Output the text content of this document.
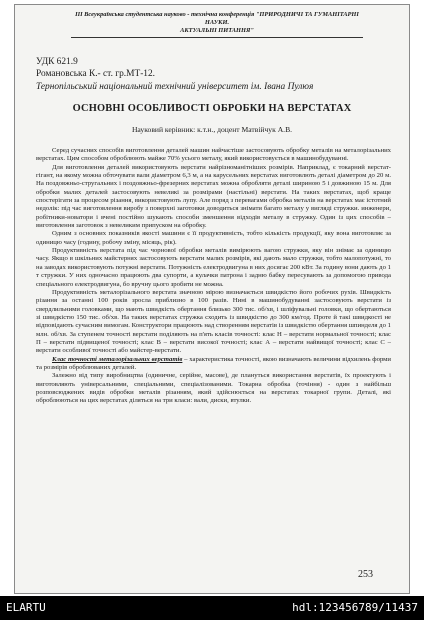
III Всеукраїнська студентська науково - технічна конференція "ПРИРОДНИЧІ ТА ГУМАНІТАРНІ НАУКИ.
АКТУАЛЬНІ ПИТАННЯ"
УДК 621.9
Романовська К.- ст. гр.МТ-12.
Тернопільський національний технічний університет ім. Івана Пулюя
ОСНОВНІ ОСОБЛИВОСТІ ОБРОБКИ НА ВЕРСТАТАХ
Науковий керівник: к.т.н., доцент Матвійчук А.В.

Серед сучасних способів виготовлення деталей машин найчастіше застосовують обробку металів на металорізальних верстатах. Цим способом оброблюють майже 70% усього металу, який використовується в машинобудуванні.

Для виготовлення деталей використовують верстати найрізноманітніших розмірів. Наприклад, є токарний верстат-гігант, на якому можна обточувати вали діаметром 6,3 м, а на карусельних верстатах виготовлють деталі діаметром до 20 м. На поздовжньо-стругальних і поздовжньо-фрезерних верстатах можна обробляти деталі шириною 5 і довжиною 15 м. Для обробки малих деталей застосовують невеликі за розмірами (настільні) верстати. На таких верстатах, щоб краще спостерігати за процесом різання, використовують лупу. Але поряд з перевагами обробка металів на верстатах має істотний недолік: під час виготовлення виробу з поверхні заготовки доводиться знімати багато металу у вигляді стружки. инженери, робітники-новатори і вчені постійно шукають способи зменшення відходів металу в стружку. Один із цих способів – виготовлення заготовок з невеликим припуском на обробку.

Одним з основних показників якості машини є її продуктивність, тобто кількість продукції, яку вона виготовляє за одиницю часу (годину, робочу зміну, місяць, рік).

Продуктивність верстата під час чорнової обробки металів вимірюють вагою стружки, яку він знімає за одиницю часу. Якщо в шкільних майстернях застосовують верстати малих розмірів, які дають мало стружки, тобто малопотужні, то на заводах використовують потужні верстати. Потужність електродвигуна в них досягає 200 кВт. За годину вони дають до 1 т стружки. У них одночасно працюють два супорти, а кулачки патрона і задню бабку пересувають за допомогою привода спеціального електродвигуна, бо вручну цього зробити не можна.

Продуктивність металорізального верстата значною мірою визначається швидкістю його робочих рухів. Швидкість різання за останні 100 років зросла приблизно в 100 разів. Нині в машинобудуванні застосовують верстати із свердлильними головками, що мають швидкість обертання близько 300 тис. об/хв, і шліфувальні головки, що обертаються зі швидкістю 150 тис. об/хв. На таких верстатах стружка сходить із швидкістю до 300 км/год. Проте й такі швидкості не відповідають сучасним вимогам. Конструктори працюють над створенням верстатів із швидкістю обертання шпинделя до 1 млн. об/хв. За ступенем точності верстати поділяють на п'ять класів точності: клас Н – верстати нормальної точності; клас П – верстати підвищеної точності; клас В – верстати високої точності; клас А – верстати найвищої точності; клас С – верстати особливої точності або майстер-верстати.

Клас точності металорізальних верстатів – характеристика точності, якою визначають величини відхилень форми та розмірів оброблюваних деталей.

Залежно від типу виробництва (одиничне, серійне, масове), де плануться використання верстатів, їх проектують і виготовляють універсальними, спеціальними, спеціалізованими. Токарна обробка (точіння) - один з найбільш розповсюджених видів обробки металів різанням, який здійснюється на верстатах токарної групи. Деталі, які оброблюються на цих верстатах діляться на три класи: вали, диски, втулки.

253
ELARTU	hdl:123456789/11437
